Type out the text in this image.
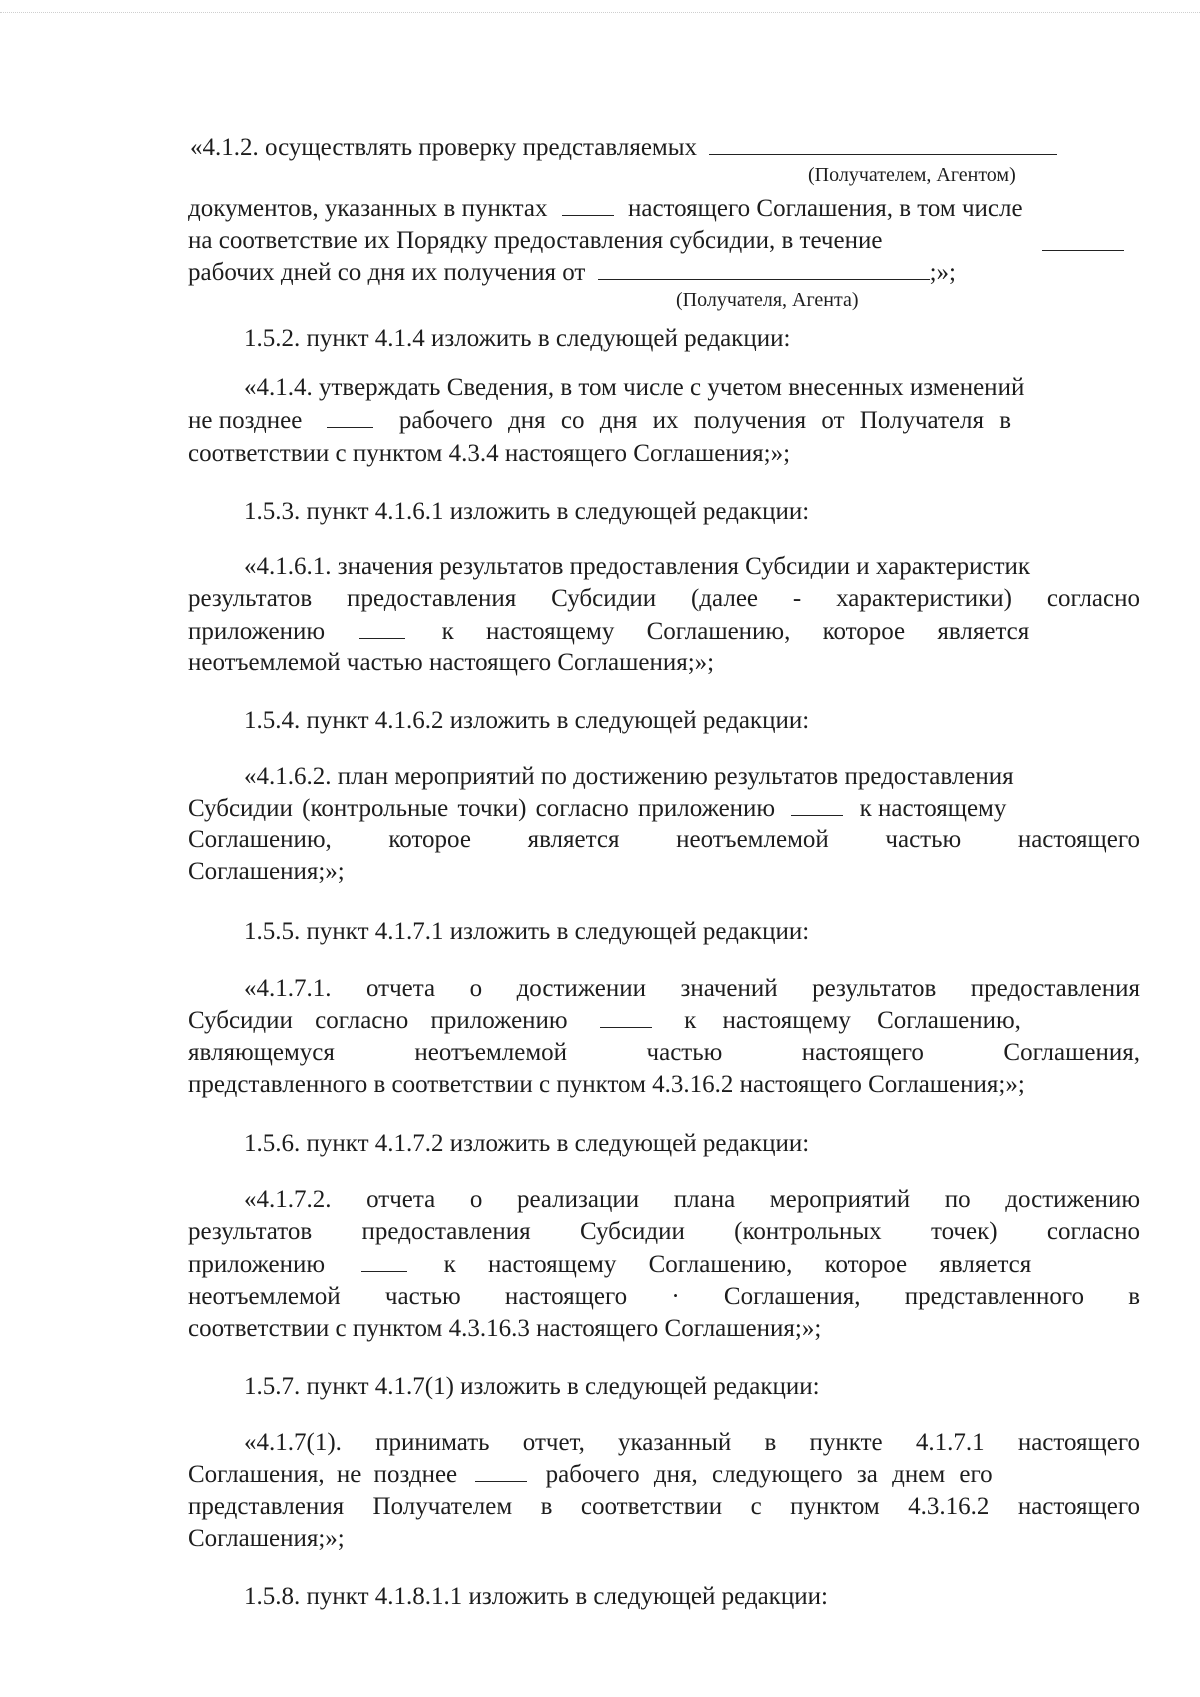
«4.1.2. осуществлять проверку представляемых
(Получателем, Агентом)
документов, указанных в пунктах	настоящего Соглашения, в том числе
на соответствие их Порядку предоставления субсидии, в течение
рабочих дней со дня их получения от	;»;
(Получателя, Агента)
1.5.2. пункт 4.1.4 изложить в следующей редакции:
«4.1.4. утверждать Сведения, в том числе с учетом внесенных изменений
не позднее	рабочего дня со дня их получения от Получателя в
соответствии с пунктом 4.3.4 настоящего Соглашения;»;
1.5.3. пункт 4.1.6.1 изложить в следующей редакции:
«4.1.6.1. значения результатов предоставления Субсидии и характеристик
результатов предоставления Субсидии (далее - характеристики) согласно
приложению	к настоящему Соглашению, которое является
неотъемлемой частью настоящего Соглашения;»;
1.5.4. пункт 4.1.6.2 изложить в следующей редакции:
«4.1.6.2. план мероприятий по достижению результатов предоставления
Субсидии (контрольные точки) согласно приложению	к настоящему
Соглашению, которое является неотъемлемой частью настоящего
Соглашения;»;
1.5.5. пункт 4.1.7.1 изложить в следующей редакции:
«4.1.7.1. отчета о достижении значений результатов предоставления
Субсидии согласно приложению	к настоящему Соглашению,
являющемуся неотъемлемой частью настоящего Соглашения,
представленного в соответствии с пунктом 4.3.16.2 настоящего Соглашения;»;
1.5.6. пункт 4.1.7.2 изложить в следующей редакции:
«4.1.7.2. отчета о реализации плана мероприятий по достижению
результатов предоставления Субсидии (контрольных точек) согласно
приложению	к настоящему Соглашению, которое является
неотъемлемой частью настоящего · Соглашения, представленного в
соответствии с пунктом 4.3.16.3 настоящего Соглашения;»;
1.5.7. пункт 4.1.7(1) изложить в следующей редакции:
«4.1.7(1). принимать отчет, указанный в пункте 4.1.7.1 настоящего
Соглашения, не позднее	рабочего дня, следующего за днем его
представления Получателем в соответствии с пунктом 4.3.16.2 настоящего
Соглашения;»;
1.5.8. пункт 4.1.8.1.1 изложить в следующей редакции:
